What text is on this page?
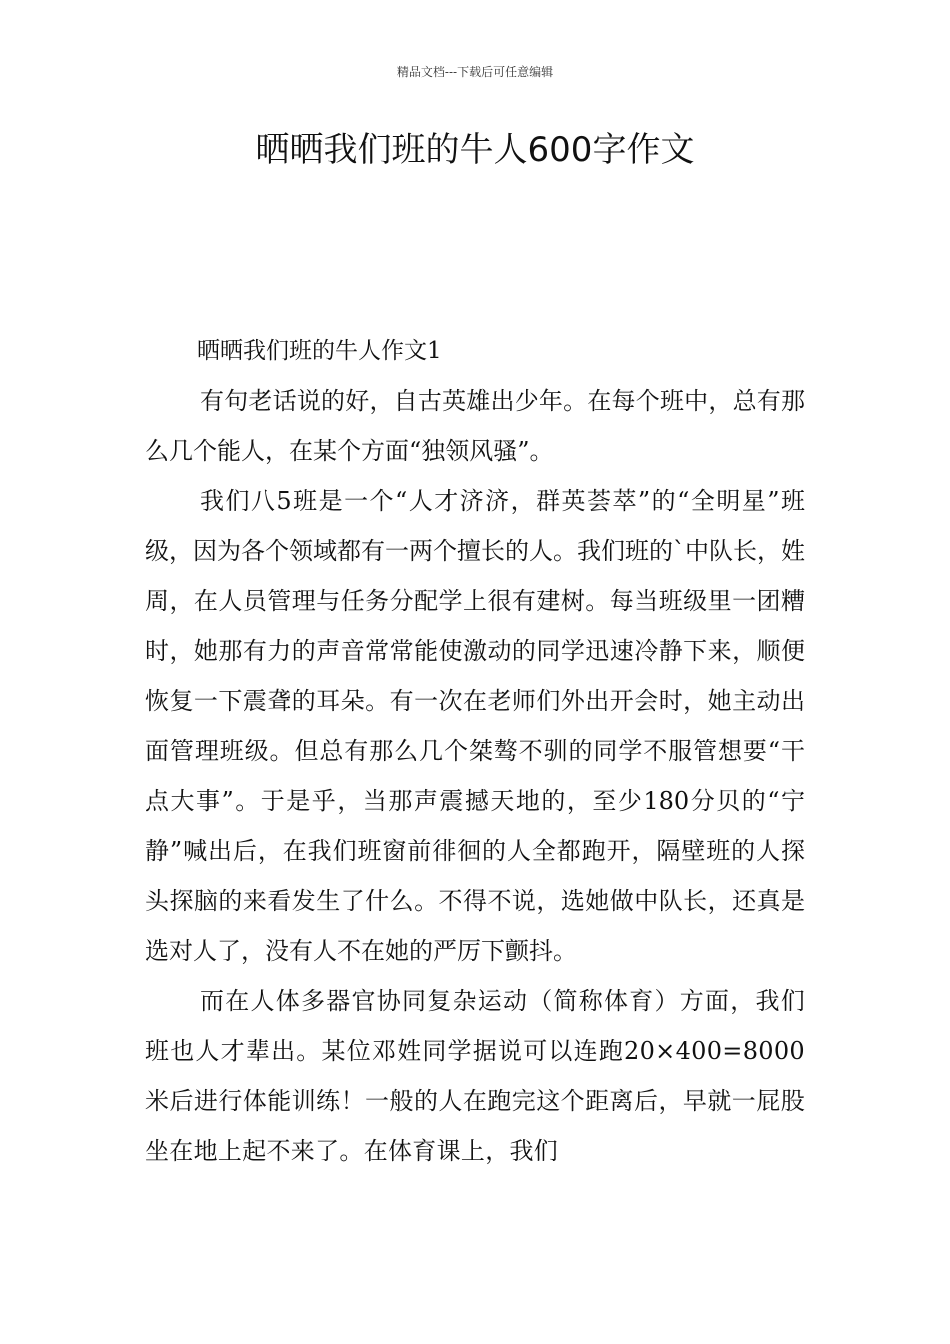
精品文档---下载后可任意编辑
晒晒我们班的牛人600字作文

晒晒我们班的牛人作文1

有句老话说的好，自古英雄出少年。在每个班中，总有那么几个能人，在某个方面“独领风骚”。

我们八5班是一个“人才济济，群英荟萃”的“全明星”班级，因为各个领域都有一两个擅长的人。我们班的`中队长，姓周，在人员管理与任务分配学上很有建树。每当班级里一团糟时，她那有力的声音常常能使激动的同学迅速冷静下来，顺便恢复一下震聋的耳朵。有一次在老师们外出开会时，她主动出面管理班级。但总有那么几个桀骜不驯的同学不服管想要“干点大事”。于是乎，当那声震撼天地的，至少180分贝的“宁静”喊出后，在我们班窗前徘徊的人全都跑开，隔壁班的人探头探脑的来看发生了什么。不得不说，选她做中队长，还真是选对人了，没有人不在她的严厉下颤抖。

而在人体多器官协同复杂运动（简称体育）方面，我们班也人才辈出。某位邓姓同学据说可以连跑20×400=8000米后进行体能训练！一般的人在跑完这个距离后，早就一屁股坐在地上起不来了。在体育课上，我们
